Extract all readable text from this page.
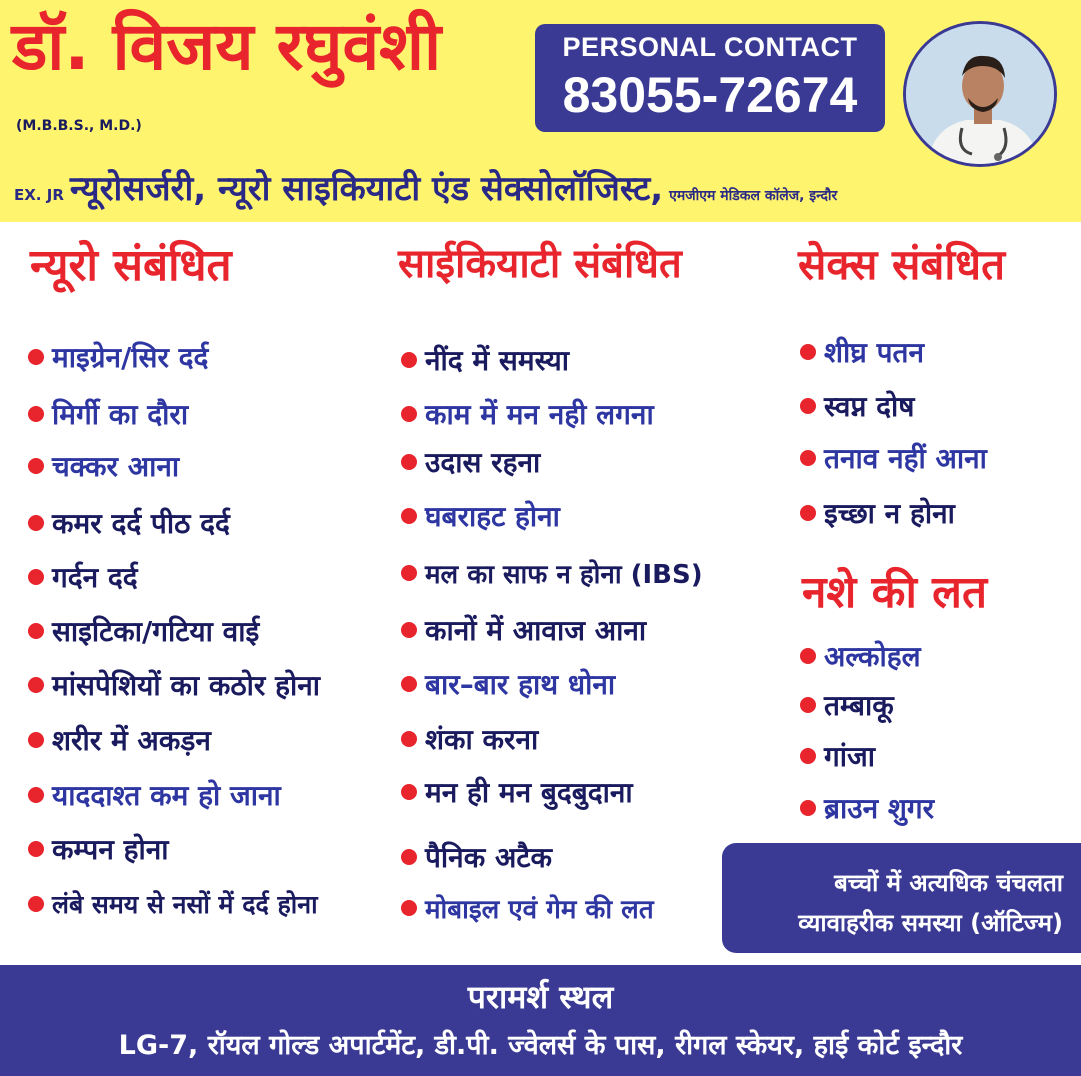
डॉ. विजय रघुवंशी
(M.B.B.S., M.D.)
PERSONAL CONTACT
83055-72674
EX. JR न्यूरोसर्जरी, न्यूरो साइकियाटी एंड सेक्सोलॉजिस्ट, एमजीएम मेडिकल कॉलेज, इन्दौर
न्यूरो संबंधित
माइग्रेन/सिर दर्द
मिर्गी का दौरा
चक्कर आना
कमर दर्द पीठ दर्द
गर्दन दर्द
साइटिका/गटिया वाई
मांसपेशियों का कठोर होना
शरीर में अकड़न
याददाश्त कम हो जाना
कम्पन होना
लंबे समय से नसों में दर्द होना
साईकियाटी संबंधित
नींद में समस्या
काम में मन नही लगना
उदास रहना
घबराहट होना
मल का साफ न होना (IBS)
कानों में आवाज आना
बार–बार हाथ धोना
शंका करना
मन ही मन बुदबुदाना
पैनिक अटैक
मोबाइल एवं गेम की लत
सेक्स संबंधित
शीघ्र पतन
स्वप्न दोष
तनाव नहीं आना
इच्छा न होना
नशे की लत
अल्कोहल
तम्बाकू
गांजा
ब्राउन शुगर
बच्चों में अत्यधिक चंचलता
व्यावाहरीक समस्या (ऑटिज्म)
परामर्श स्थल
LG-7, रॉयल गोल्ड अपार्टमेंट, डी.पी. ज्वेलर्स के पास, रीगल स्केयर, हाई कोर्ट इन्दौर
